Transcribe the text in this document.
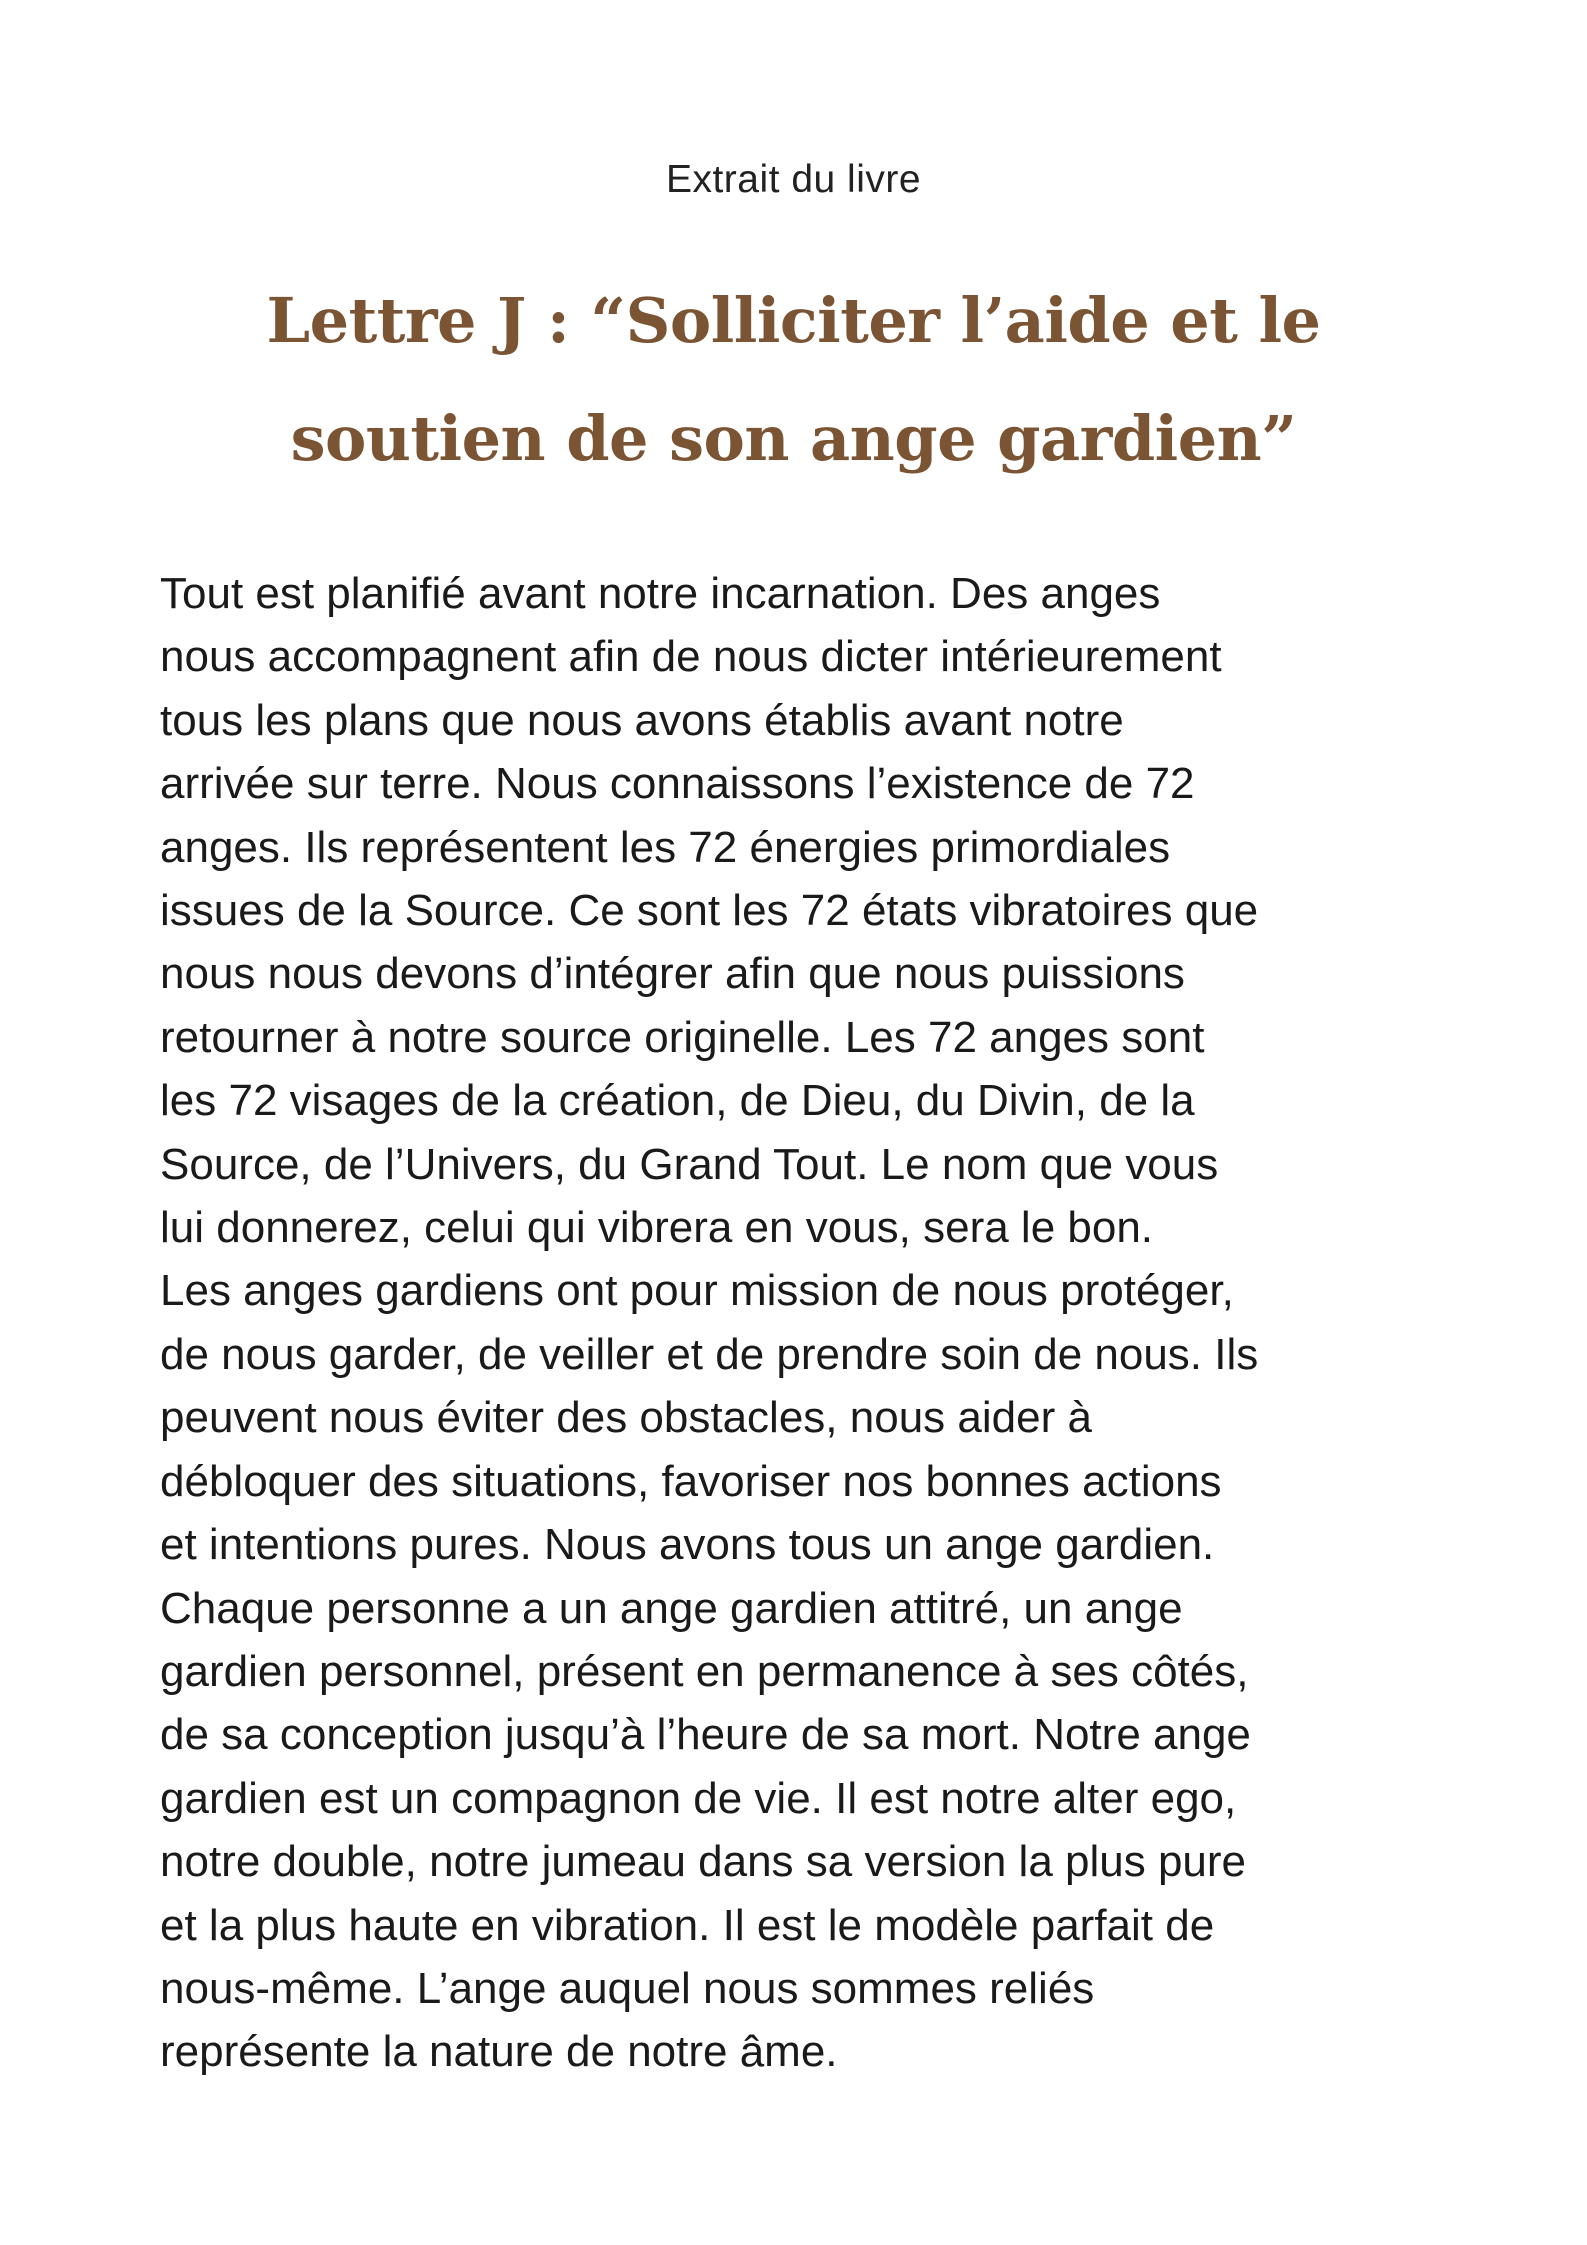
Extrait du livre
Lettre J : “Solliciter l’aide et le soutien de son ange gardien”

Tout est planifié avant notre incarnation. Des anges
nous accompagnent afin de nous dicter intérieurement
tous les plans que nous avons établis avant notre
arrivée sur terre. Nous connaissons l’existence de 72
anges. Ils représentent les 72 énergies primordiales
issues de la Source. Ce sont les 72 états vibratoires que
nous nous devons d’intégrer afin que nous puissions
retourner à notre source originelle. Les 72 anges sont
les 72 visages de la création, de Dieu, du Divin, de la
Source, de l’Univers, du Grand Tout. Le nom que vous
lui donnerez, celui qui vibrera en vous, sera le bon.
Les anges gardiens ont pour mission de nous protéger,
de nous garder, de veiller et de prendre soin de nous. Ils
peuvent nous éviter des obstacles, nous aider à
débloquer des situations, favoriser nos bonnes actions
et intentions pures. Nous avons tous un ange gardien.
Chaque personne a un ange gardien attitré, un ange
gardien personnel, présent en permanence à ses côtés,
de sa conception jusqu’à l’heure de sa mort. Notre ange
gardien est un compagnon de vie. Il est notre alter ego,
notre double, notre jumeau dans sa version la plus pure
et la plus haute en vibration. Il est le modèle parfait de
nous-même. L’ange auquel nous sommes reliés
représente la nature de notre âme.
